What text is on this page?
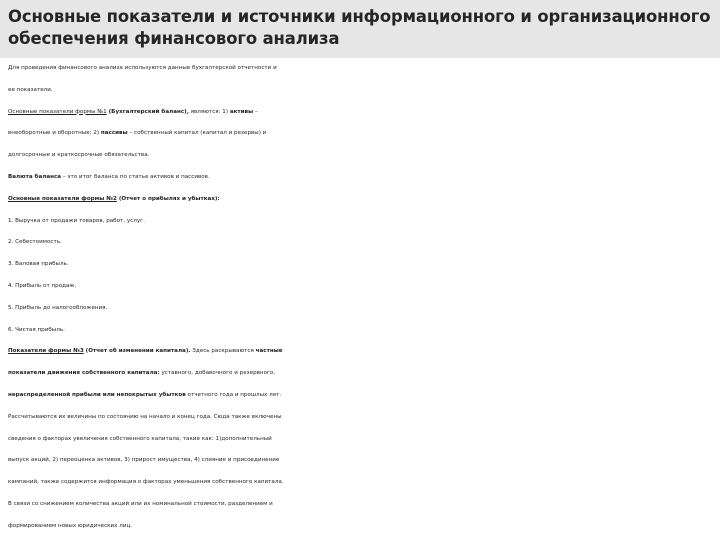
Основные показатели и источники информационного и организационного
обеспечения финансового анализа

Для проведения финансового анализа используются данные бухгалтерской отчетности и

ее показатели.

Основные показатели формы №1 (Бухгалтерский баланс), являются: 1) активы –

внеоборотные и оборотные; 2) пассивы – собственный капитал (капитал и резервы) и

долгосрочные и краткосрочные обязательства.

Валюта баланса – это итог баланса по статье активов и пассивов.

Основные показатели формы №2 (Отчет о прибылях и убытках):

1. Выручка от продажи товаров, работ, услуг.

2. Себестоимость.

3. Валовая прибыль.

4. Прибыль от продаж.

5. Прибыль до налогообложения.

6. Чистая прибыль.

Показатели формы №3 (Отчет об изменении капитала). Здесь раскрываются частные

показатели движения собственного капитала: уставного, добавочного и резервного,

нераспределенной прибыли или непокрытых убытков отчетного года и прошлых лет.

Рассчитываются их величины по состоянию на начало и конец года. Сюда также включены

сведения о факторах увеличения собственного капитала, такие как: 1)дополнительный

выпуск акций, 2) переоценка активов, 3) прирост имущества, 4) слияние и присоединение

кампаний, также содержится информация о факторах уменьшения собственного капитала.

В связи со снижением количества акций или их номинальной стоимости, разделением и

формированием новых юридических лиц.
